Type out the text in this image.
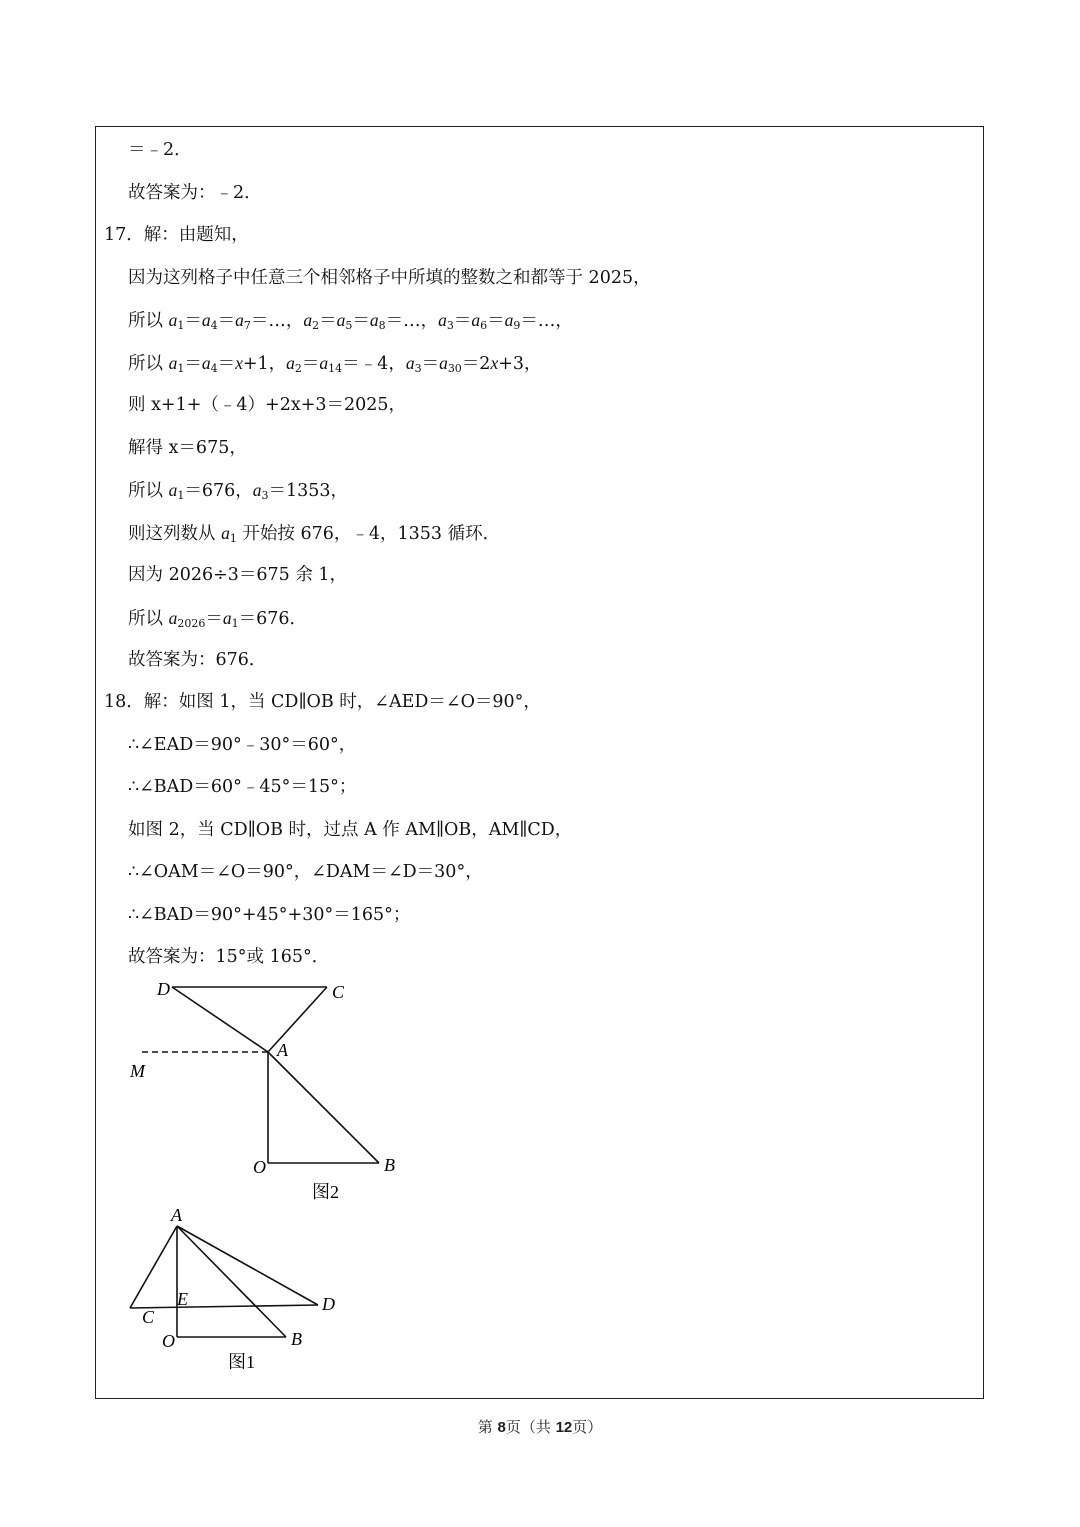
＝﹣2．
故答案为：﹣2．
17．解：由题知，
因为这列格子中任意三个相邻格子中所填的整数之和都等于 2025，
所以 $a_1=a_4=a_7=\dots$，$a_2=a_5=a_8=\dots$，$a_3=a_6=a_9=\dots$，
所以 $a_1=a_4=x+1$，$a_2=a_{14}=﹣4$，$a_3=a_{30}=2x+3$，
则 x+1+（﹣4）+2x+3＝2025，
解得 x＝675，
所以 $a_1=676$，$a_3=1353$，
则这列数从 $a_1$ 开始按 676，﹣4，1353 循环．
因为 2026÷3＝675 余 1，
所以 $a_{2026}=a_1=676$．
故答案为：676．
18．解：如图 1，当 CD∥OB 时，∠AED＝∠O＝90°，
∴∠EAD＝90°﹣30°＝60°，
∴∠BAD＝60°﹣45°＝15°；
如图 2，当 CD∥OB 时，过点 A 作 AM∥OB，AM∥CD，
∴∠OAM＝∠O＝90°，∠DAM＝∠D＝30°，
∴∠BAD＝90°+45°+30°＝165°；
故答案为：15°或 165°．
D	C
A
M
O	B
图2
A
E
C
D
O	B
图1
第 8页（共 12页）
